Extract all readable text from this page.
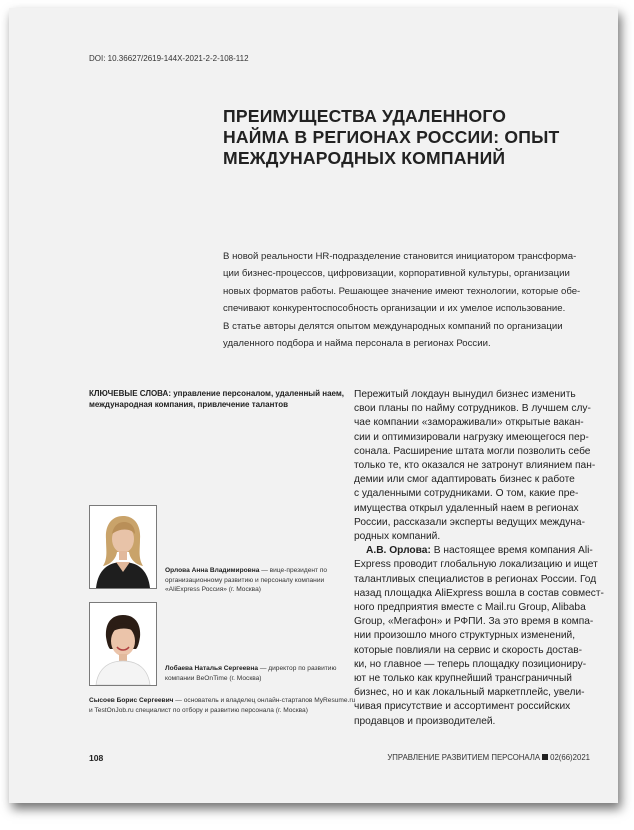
DOI: 10.36627/2619-144X-2021-2-2-108-112
ПРЕИМУЩЕСТВА УДАЛЕННОГО
НАЙМА В РЕГИОНАХ РОССИИ: ОПЫТ
МЕЖДУНАРОДНЫХ КОМПАНИЙ

В новой реальности HR-подразделение становится инициатором трансформа-
ции бизнес-процессов, цифровизации, корпоративной культуры, организации
новых форматов работы. Решающее значение имеют технологии, которые обе-
спечивают конкурентоспособность организации и их умелое использование.
В статье авторы делятся опытом международных компаний по организации
удаленного подбора и найма персонала в регионах России.

КЛЮЧЕВЫЕ СЛОВА: управление персоналом, удаленный наем,
международная компания, привлечение талантов
Орлова Анна Владимировна — вице-президент по
организационному развитию и персоналу компании
«AliExpress Россия» (г. Москва)
Лобаева Наталья Сергеевна — директор по развитию
компании BeOnTime (г. Москва)
Сысоев Борис Сергеевич — основатель и владелец онлайн-стартапов MyResume.ru
и TestOnJob.ru специалист по отбору и развитию персонала (г. Москва)
Пережитый локдаун вынудил бизнес изменить
свои планы по найму сотрудников. В лучшем слу-
чае компании «замораживали» открытые вакан-
сии и оптимизировали нагрузку имеющегося пер-
сонала. Расширение штата могли позволить себе
только те, кто оказался не затронут влиянием пан-
демии или смог адаптировать бизнес к работе
с удаленными сотрудниками. О том, какие пре-
имущества открыл удаленный наем в регионах
России, рассказали эксперты ведущих междуна-
родных компаний.
А.В. Орлова: В настоящее время компания Ali-
Express проводит глобальную локализацию и ищет
талантливых специалистов в регионах России. Год
назад площадка AliExpress вошла в состав совмест-
ного предприятия вместе с Mail.ru Group, Alibaba
Group, «Мегафон» и РФПИ. За это время в компа-
нии произошло много структурных изменений,
которые повлияли на сервис и скорость достав-
ки, но главное — теперь площадку позициониру-
ют не только как крупнейший трансграничный
бизнес, но и как локальный маркетплейс, увели-
чивая присутствие и ассортимент российских
продавцов и производителей.
108	УПРАВЛЕНИЕ РАЗВИТИЕМ ПЕРСОНАЛА 02(66)2021
